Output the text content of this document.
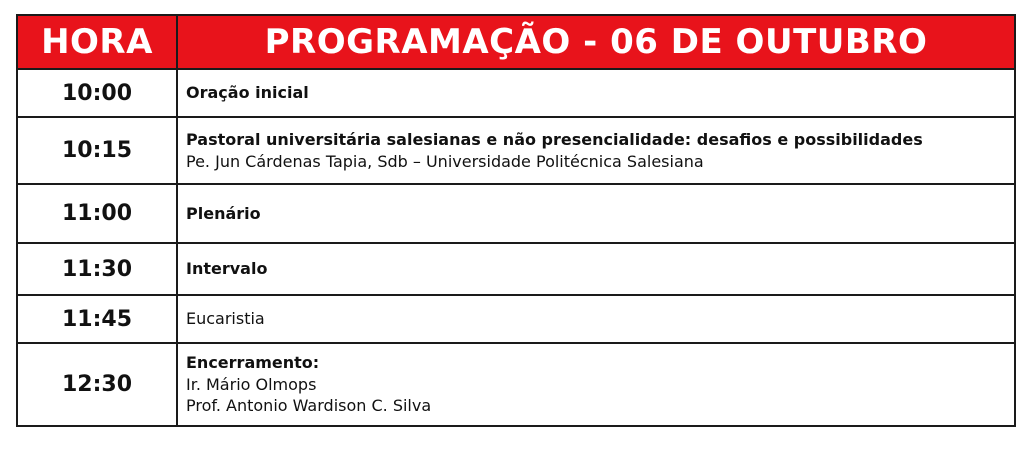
HORA	PROGRAMAÇÃO - 06 DE OUTUBRO
10:00	Oração inicial

10:15	Pastoral universitária salesianas e não presencialidade: desafios e possibilidades
Pe. Jun Cárdenas Tapia, Sdb – Universidade Politécnica Salesiana

11:00	Plenário

11:30	Intervalo

11:45	Eucaristia

12:30	Encerramento:
Ir. Mário Olmops
Prof. Antonio Wardison C. Silva
